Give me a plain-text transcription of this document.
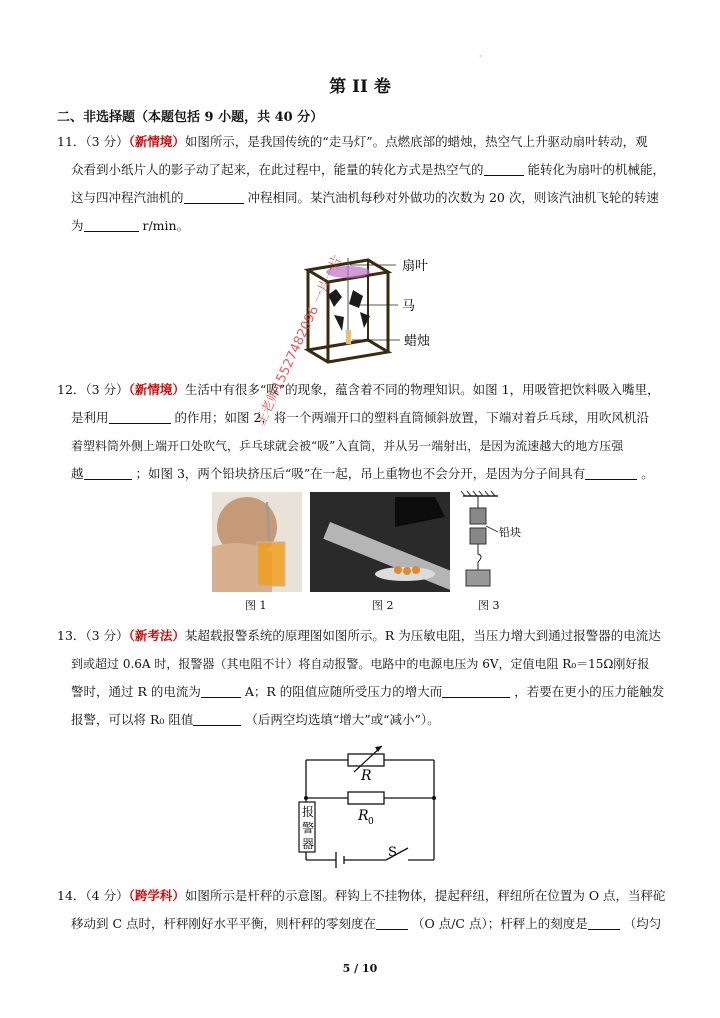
·
第 II 卷
二、非选择题（本题包括 9 小题，共 40 分）
11．（3 分）（新情境）如图所示，是我国传统的“走马灯”。点燃底部的蜡烛，热空气上升驱动扇叶转动，观
众看到小纸片人的影子动了起来，在此过程中，能量的转化方式是热空气的	能转化为扇叶的机械能，
这与四冲程汽油机的	冲程相同。某汽油机每秒对外做功的次数为 20 次，则该汽油机飞轮的转速
为	r/min。
扇叶
马
蜡烛
12．（3 分）（新情境）生活中有很多“吸”的现象，蕴含着不同的物理知识。如图 1，用吸管把饮料吸入嘴里，
是利用	的作用；如图 2，将一个两端开口的塑料直筒倾斜放置，下端对着乒乓球，用吹风机沿
着塑料筒外侧上端开口处吹气，乒乓球就会被“吸”入直筒，并从另一端射出，是因为流速越大的地方压强
越	；如图 3，两个铅块挤压后“吸”在一起，吊上重物也不会分开，是因为分子间具有	。
图 1	图 2
铅块
图 3
13．（3 分）（新考法）某超载报警系统的原理图如图所示。R 为压敏电阻，当压力增大到通过报警器的电流达
到或超过 0.6A 时，报警器（其电阻不计）将自动报警。电路中的电源电压为 6V，定值电阻 R₀＝15Ω刚好报
警时，通过 R 的电流为	A；R 的阻值应随所受压力的增大而	，若要在更小的压力能触发
报警，可以将 R₀ 阻值	（后两空均选填“增大”或“减小”）。
报
警
器
R
R 0
S
14．（4 分）（跨学科）如图所示是杆秤的示意图。秤钩上不挂物体，提起秤纽，秤纽所在位置为 O 点，当秤砣
移动到 C 点时，杆秤刚好水平平衡，则杆秤的零刻度在	（O 点/C 点）；杆秤上的刻度是	（均匀
王老师15527482096 一片一片
5 / 10
